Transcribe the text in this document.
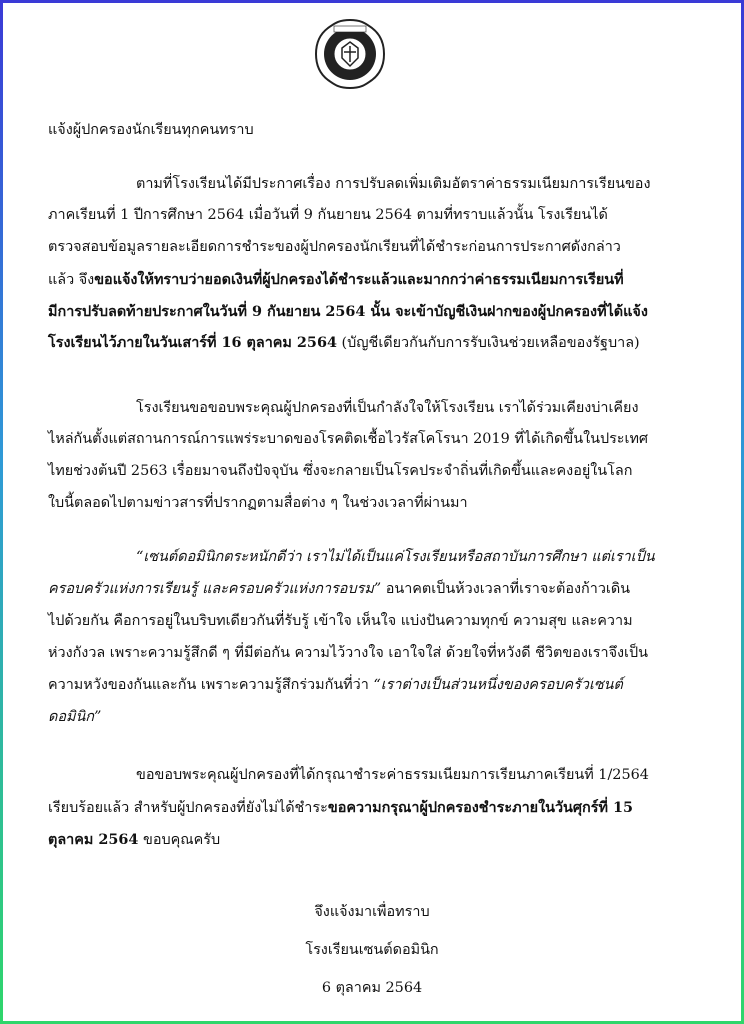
แจ้งผู้ปกครองนักเรียนทุกคนทราบ
ตามที่โรงเรียนได้มีประกาศเรื่อง การปรับลดเพิ่มเติมอัตราค่าธรรมเนียมการเรียนของ
ภาคเรียนที่ 1 ปีการศึกษา 2564 เมื่อวันที่ 9 กันยายน 2564 ตามที่ทราบแล้วนั้น โรงเรียนได้
ตรวจสอบข้อมูลรายละเอียดการชำระของผู้ปกครองนักเรียนที่ได้ชำระก่อนการประกาศดังกล่าว
แล้ว จึงขอแจ้งให้ทราบว่ายอดเงินที่ผู้ปกครองได้ชำระแล้วและมากกว่าค่าธรรมเนียมการเรียนที่
มีการปรับลดท้ายประกาศในวันที่ 9 กันยายน 2564 นั้น จะเข้าบัญชีเงินฝากของผู้ปกครองที่ได้แจ้ง
โรงเรียนไว้ภายในวันเสาร์ที่ 16 ตุลาคม 2564 (บัญชีเดียวกันกับการรับเงินช่วยเหลือของรัฐบาล)
โรงเรียนขอขอบพระคุณผู้ปกครองที่เป็นกำลังใจให้โรงเรียน เราได้ร่วมเคียงบ่าเคียง
ไหล่กันตั้งแต่สถานการณ์การแพร่ระบาดของโรคติดเชื้อไวรัสโคโรนา 2019 ที่ได้เกิดขึ้นในประเทศ
ไทยช่วงต้นปี 2563 เรื่อยมาจนถึงปัจจุบัน ซึ่งจะกลายเป็นโรคประจำถิ่นที่เกิดขึ้นและคงอยู่ในโลก
ใบนี้ตลอดไปตามข่าวสารที่ปรากฏตามสื่อต่าง ๆ ในช่วงเวลาที่ผ่านมา
“เซนต์ดอมินิกตระหนักดีว่า เราไม่ได้เป็นแค่โรงเรียนหรือสถาบันการศึกษา แต่เราเป็น
ครอบครัวแห่งการเรียนรู้ และครอบครัวแห่งการอบรม” อนาคตเป็นห้วงเวลาที่เราจะต้องก้าวเดิน
ไปด้วยกัน คือการอยู่ในบริบทเดียวกันที่รับรู้ เข้าใจ เห็นใจ แบ่งปันความทุกข์ ความสุข และความ
ห่วงกังวล เพราะความรู้สึกดี ๆ ที่มีต่อกัน ความไว้วางใจ เอาใจใส่ ด้วยใจที่หวังดี ชีวิตของเราจึงเป็น
ความหวังของกันและกัน เพราะความรู้สึกร่วมกันที่ว่า “เราต่างเป็นส่วนหนึ่งของครอบครัวเซนต์
ดอมินิก”
ขอขอบพระคุณผู้ปกครองที่ได้กรุณาชำระค่าธรรมเนียมการเรียนภาคเรียนที่ 1/2564
เรียบร้อยแล้ว สำหรับผู้ปกครองที่ยังไม่ได้ชำระขอความกรุณาผู้ปกครองชำระภายในวันศุกร์ที่ 15
ตุลาคม 2564 ขอบคุณครับ
จึงแจ้งมาเพื่อทราบ
โรงเรียนเซนต์ดอมินิก
6 ตุลาคม 2564
